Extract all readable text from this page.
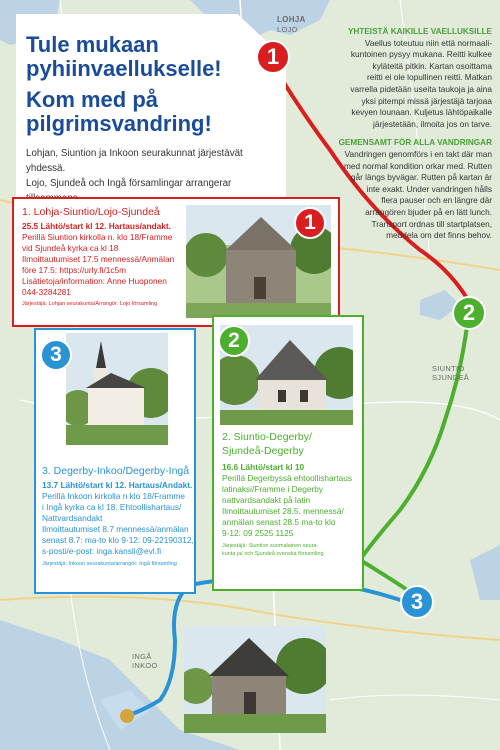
LOHJA
LOJO
SIUNTIO
SJUNDEÅ
INGÅ
INKOO
Tule mukaan
pyhiinvaellukselle!
Kom med på
pilgrimsvandring!
Lohjan, Siuntion ja Inkoon seurakunnat järjestävät yhdessä.
Lojo, Sjundeå och Ingå församlingar arrangerar
YHTEISTÄ KAIKILLE VAELLUKSILLE
Vaellus toteutuu niin että normaali-
kuntoinen pysyy mukana. Reitti kulkee
kyläteitä pitkin. Kartan osoittama
reitti ei ole lopullinen reitti. Matkan
varrella pidetään useita taukoja ja aina
yksi pitempi missä järjestäjä tarjoaa
kevyen lounaan. Kuljetus lähtöpaikalle
järjestetään, ilmoita jos on tarve.
GEMENSAMT FÖR ALLA VANDRINGAR
Vandringen genomförs i en takt där man
med normal kondition orkar med. Rutten
går längs byvägar. Rutten på kartan är
inte exakt. Under vandringen hålls
flera pauser och en längre där
arrangören bjuder på en lätt lunch.
Transport ordnas till startplatsen,
meddela om det finns behov.
1. Lohja-Siuntio/Lojo-Sjundeå
25.5 Lähtö/start kl 12. Hartaus/andakt.
Perillä Siuntion kirkolla n. klo 18/Framme
vid Sjundeå kyrka ca kl 18
Ilmoittautumiset 17.5 mennessä/Anmälan
före 17.5: https://urly.fi/1c5m
Lisätietoja/information: Anne Huoponen
044-3284281
Järjestäjä: Lohjan seurakunta/Arrangör: Lojo församling
2. Siuntio-Degerby/
Sjundeå-Degerby
16.6 Lähtö/start kl 10
Perillä Degerbyssä ehtoollishartaus
latinaksi/Framme i Degerby
nattvardsandakt på latin
Ilmoittautumiset 28.5. mennessä/
anmälan senast 28.5 ma-to klo
9-12: 09 2525 1125
Järjestäjä: Siuntion suomalainen seura-
kunta ja/ och Sjundeå svenska församling
3. Degerby-Inkoo/Degerby-Ingå
13.7 Lähtö/start kl 12. Hartaus/Andakt.
Perillä Inkoon kirkolla n klo 18/Framme
i Ingå kyrka ca kl 18. Ehtoollishartaus/
Nattvardsandakt
Ilmoittautumiset 8.7 mennessä/anmälan
senast 8.7: ma-to klo 9-12: 09-22190312,
s-posti/e-post: inga.kansli@evl.fi
Järjestäjä: Inkoon seurakunta/arrangör: Ingå församling
1
1
2
2
3
3
